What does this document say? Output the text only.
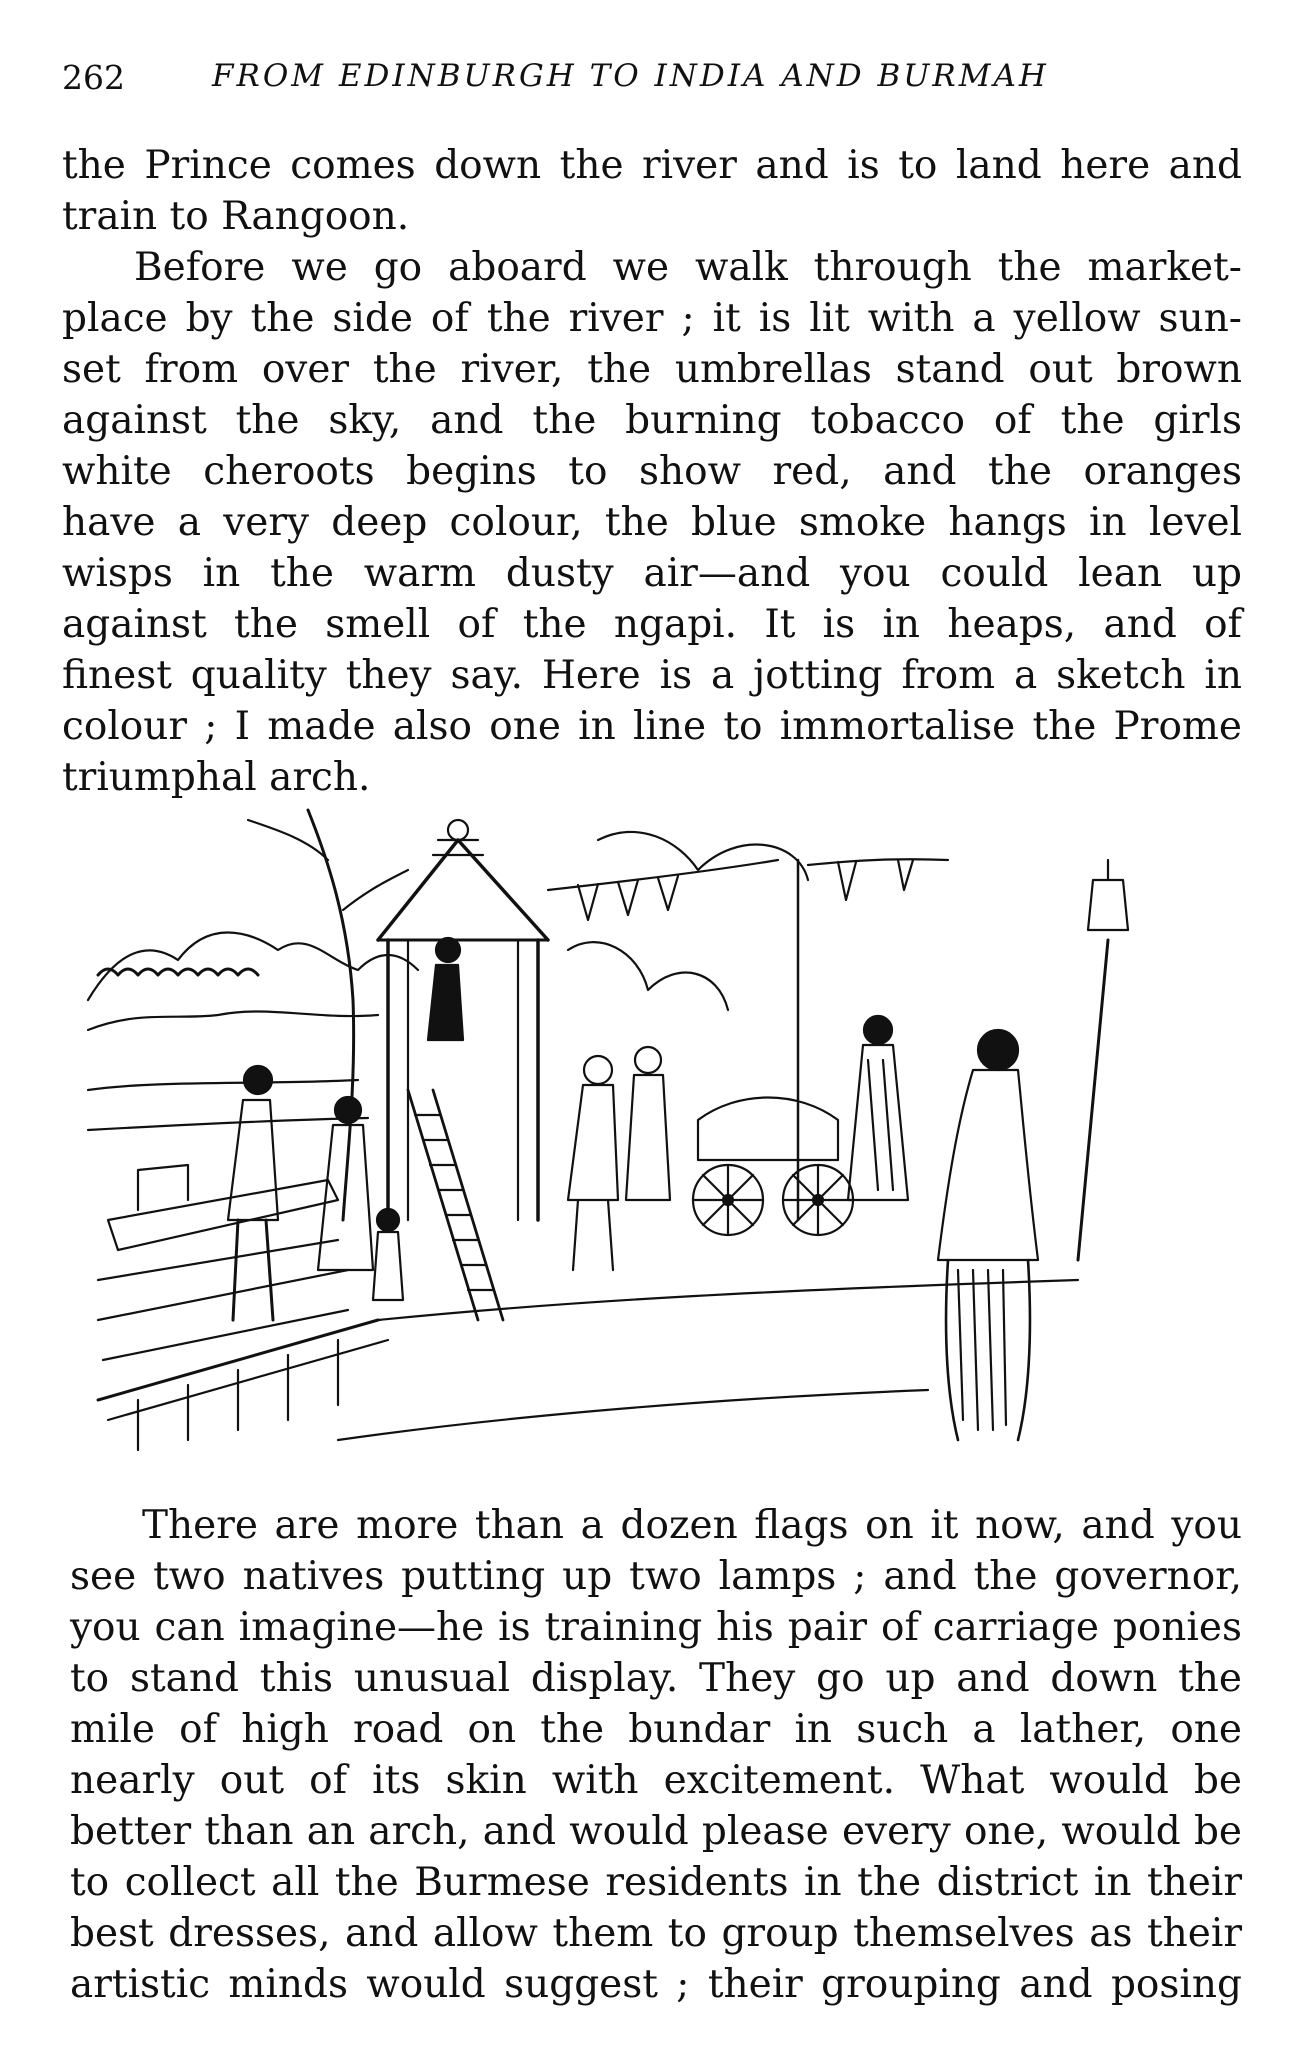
262	FROM EDINBURGH TO INDIA AND BURMAH
the Prince comes down the river and is to land here and
train to Rangoon.
Before we go aboard we walk through the market-
place by the side of the river ; it is lit with a yellow sun-
set from over the river, the umbrellas stand out brown
against the sky, and the burning tobacco of the girls
white cheroots begins to show red, and the oranges
have a very deep colour, the blue smoke hangs in level
wisps in the warm dusty air—and you could lean up
against the smell of the ngapi. It is in heaps, and of
finest quality they say. Here is a jotting from a sketch in
colour ; I made also one in line to immortalise the Prome
triumphal arch.
There are more than a dozen flags on it now, and you
see two natives putting up two lamps ; and the governor,
you can imagine—he is training his pair of carriage ponies
to stand this unusual display. They go up and down the
mile of high road on the bundar in such a lather, one
nearly out of its skin with excitement. What would be
better than an arch, and would please every one, would be
to collect all the Burmese residents in the district in their
best dresses, and allow them to group themselves as their
artistic minds would suggest ; their grouping and posing
